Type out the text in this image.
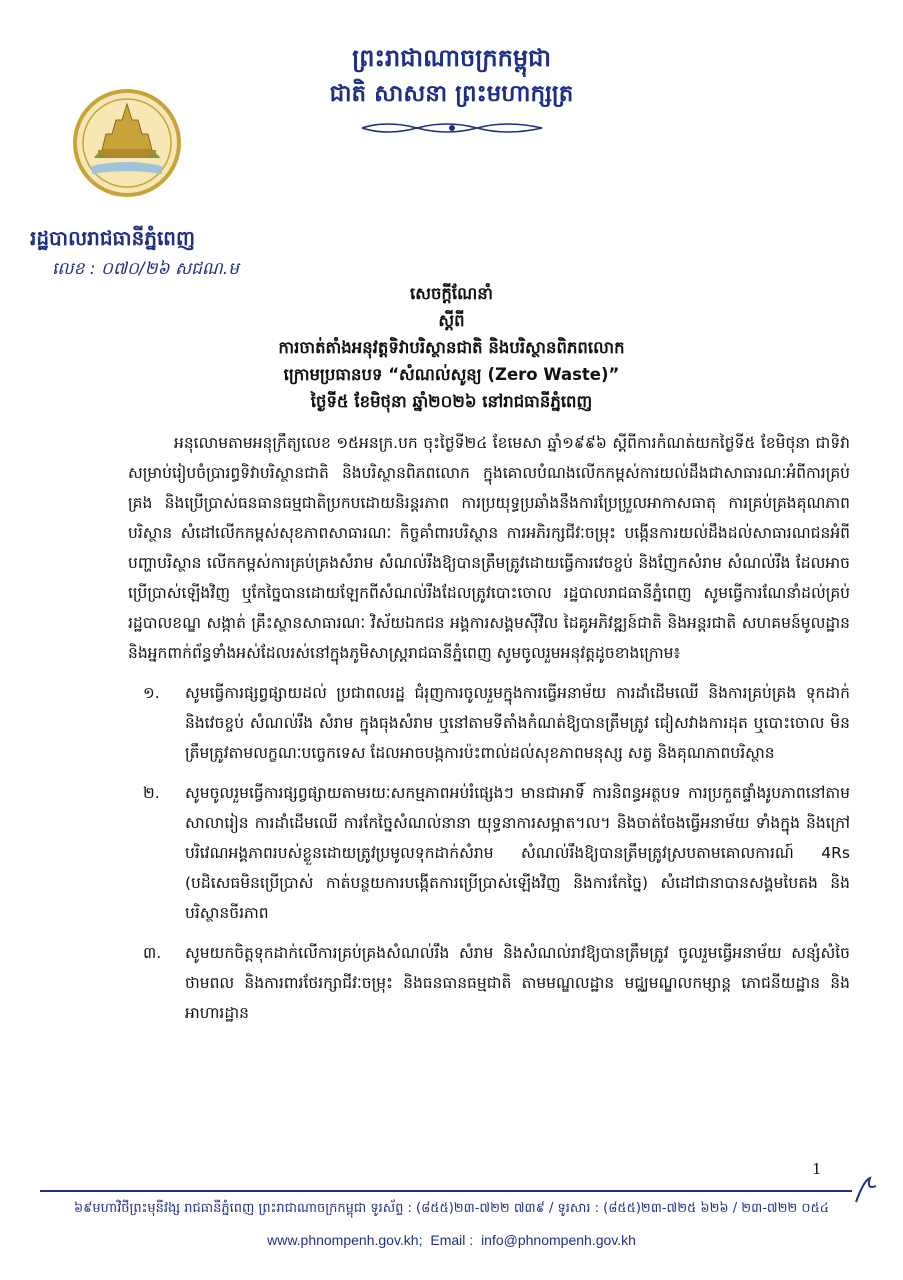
ព្រះរាជាណាចក្រកម្ពុជា
ជាតិ សាសនា ព្រះមហាក្សត្រ
រដ្ឋបាលរាជធានីភ្នំពេញ
លេខ : ០៧០/២៦ សជណ.ម
សេចក្តីណែនាំ
ស្តីពី
ការចាត់តាំងអនុវត្តទិវាបរិស្ថានជាតិ និងបរិស្ថានពិភពលោក
ក្រោមប្រធានបទ “សំណល់សូន្យ (Zero Waste)”
ថ្ងៃទី៥ ខែមិថុនា ឆ្នាំ២០២៦ នៅរាជធានីភ្នំពេញ

អនុលោមតាមអនុក្រឹត្យលេខ ១៥អនក្រ.បក ចុះថ្ងៃទី២៤ ខែមេសា ឆ្នាំ១៩៩៦ ស្តីពីការកំណត់យកថ្ងៃទី៥ ខែមិថុនា ជាទិវាសម្រាប់រៀបចំប្រារព្ធទិវាបរិស្ថានជាតិ និងបរិស្ថានពិភពលោក ក្នុងគោលបំណងលើកកម្ពស់ការយល់ដឹងជាសាធារណៈអំពីការគ្រប់គ្រង និងប្រើប្រាស់ធនធានធម្មជាតិប្រកបដោយនិរន្តរភាព ការប្រយុទ្ធប្រឆាំងនឹងការប្រែប្រួលអាកាសធាតុ ការគ្រប់គ្រងគុណភាពបរិស្ថាន សំដៅលើកកម្ពស់សុខភាពសាធារណៈ កិច្ចគាំពារបរិស្ថាន ការអភិរក្សជីវៈចម្រុះ បង្កើនការយល់ដឹងដល់សាធារណជនអំពីបញ្ហាបរិស្ថាន លើកកម្ពស់ការគ្រប់គ្រងសំរាម សំណល់រឹងឱ្យបានត្រឹមត្រូវដោយធ្វើការវេចខ្ចប់ និងញែកសំរាម សំណល់រឹង ដែលអាចប្រើប្រាស់ឡើងវិញ ឬកែច្នៃបានដោយឡែកពីសំណល់រឹងដែលត្រូវបោះចោល រដ្ឋបាលរាជធានីភ្នំពេញ សូមធ្វើការណែនាំដល់គ្រប់រដ្ឋបាលខណ្ឌ សង្កាត់ គ្រឹះស្ថានសាធារណៈ វិស័យឯកជន អង្គការសង្គមស៊ីវិល ដៃគូអភិវឌ្ឍន៍ជាតិ និងអន្តរជាតិ សហគមន៍មូលដ្ឋាន និងអ្នកពាក់ព័ន្ធទាំងអស់ដែលរស់នៅក្នុងភូមិសាស្ត្ររាជធានីភ្នំពេញ សូមចូលរួមអនុវត្តដូចខាងក្រោម៖

១. សូមធ្វើការផ្សព្វផ្សាយដល់ ប្រជាពលរដ្ឋ ជំរុញការចូលរួមក្នុងការធ្វើអនាម័យ ការដាំដើមឈើ និងការគ្រប់គ្រង ទុកដាក់ និងវេចខ្ចប់ សំណល់រឹង សំរាម ក្នុងធុងសំរាម ឬនៅតាមទីតាំងកំណត់ឱ្យបានត្រឹមត្រូវ ជៀសវាងការដុត ឬបោះចោល មិនត្រឹមត្រូវតាមលក្ខណៈបច្ចេកទេស ដែលអាចបង្កការប៉ះពាល់ដល់សុខភាពមនុស្ស សត្វ និងគុណភាពបរិស្ថាន
២. សូមចូលរួមធ្វើការផ្សព្វផ្សាយតាមរយៈសកម្មភាពអប់រំផ្សេងៗ មានជាអាទិ៍ ការនិពន្ធអត្ថបទ ការប្រកួតផ្ទាំងរូបភាពនៅតាមសាលារៀន ការដាំដើមឈើ ការកែច្នៃសំណល់នានា យុទ្ធនាការសម្អាត។ល។ និងចាត់ចែងធ្វើអនាម័យ ទាំងក្នុង និងក្រៅបរិវេណអង្គភាពរបស់ខ្លួនដោយត្រូវប្រមូលទុកដាក់សំរាម សំណល់រឹងឱ្យបានត្រឹមត្រូវស្របតាមគោលការណ៍ 4Rs (បដិសេធមិនប្រើប្រាស់ កាត់បន្ថយការបង្កើតការប្រើប្រាស់ឡើងវិញ និងការកែច្នៃ) សំដៅជានាបានសង្គមបៃតង និងបរិស្ថានចីរភាព
៣. សូមយកចិត្តទុកដាក់លើការគ្រប់គ្រងសំណល់រឹង សំរាម និងសំណល់រាវឱ្យបានត្រឹមត្រូវ ចូលរួមធ្វើអនាម័យ សន្សំសំចៃថាមពល និងការពារថែរក្សាជីវៈចម្រុះ និងធនធានធម្មជាតិ តាមមណ្ឌលដ្ឋាន មជ្ឈមណ្ឌលកម្សាន្ត ភោជនីយដ្ឋាន និងអាហារដ្ឋាន
1
៦៩មហាវិថីព្រះមុនីវង្ស រាជធានីភ្នំពេញ ព្រះរាជាណាចក្រកម្ពុជា ទូរស័ព្ទ : (៨៥៥)២៣-៧២២ ៧៣៩ / ទូរសារ : (៨៥៥)២៣-៧២៥ ៦២៦ / ២៣-៧២២ ០៥៤
www.phnompenh.gov.kh; Email : info@phnompenh.gov.kh
